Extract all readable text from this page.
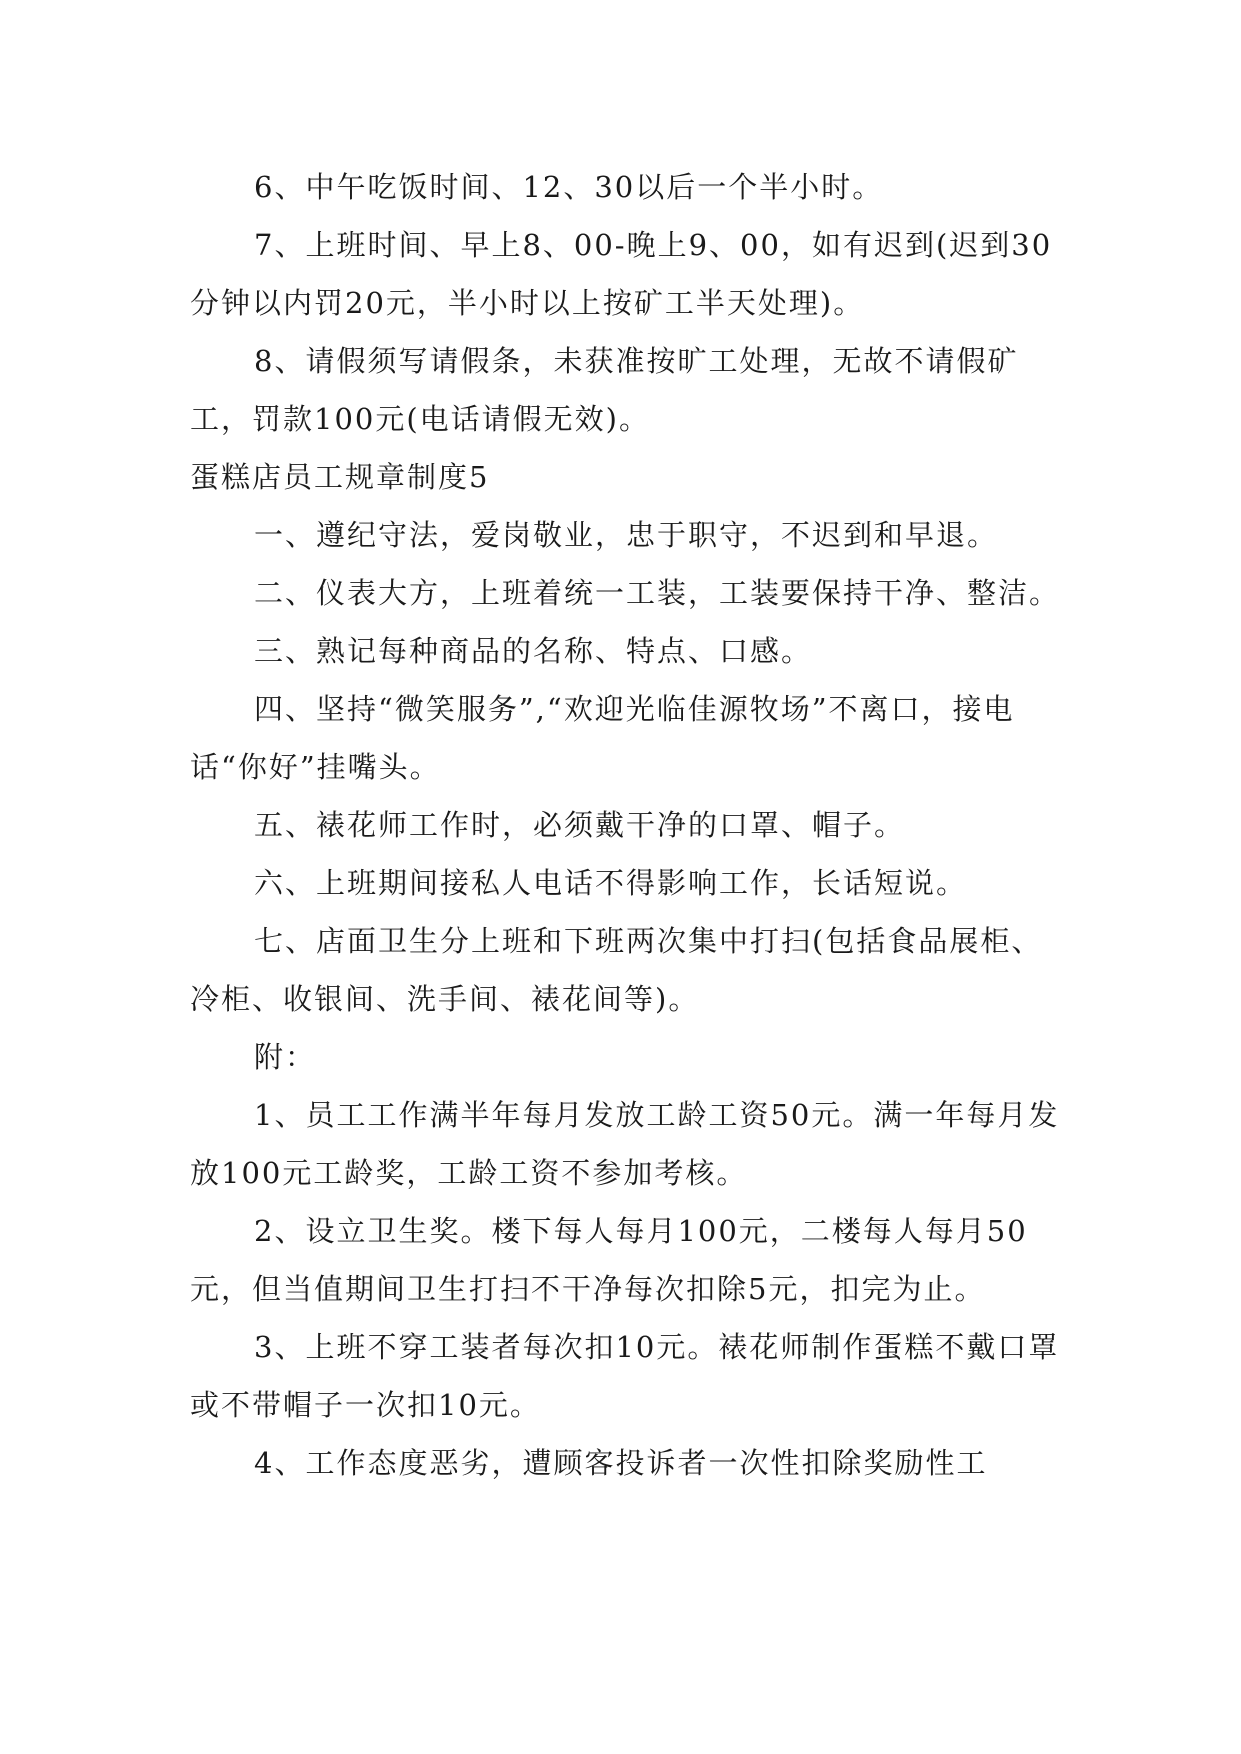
6、中午吃饭时间、12、30以后一个半小时。

7、上班时间、早上8、00-晚上9、00，如有迟到(迟到30分钟以内罚20元，半小时以上按矿工半天处理)。

8、请假须写请假条，未获准按旷工处理，无故不请假矿工，罚款100元(电话请假无效)。

蛋糕店员工规章制度5

一、遵纪守法，爱岗敬业，忠于职守，不迟到和早退。

二、仪表大方，上班着统一工装，工装要保持干净、整洁。

三、熟记每种商品的名称、特点、口感。

四、坚持“微笑服务”,“欢迎光临佳源牧场”不离口，接电话“你好”挂嘴头。

五、裱花师工作时，必须戴干净的口罩、帽子。

六、上班期间接私人电话不得影响工作，长话短说。

七、店面卫生分上班和下班两次集中打扫(包括食品展柜、冷柜、收银间、洗手间、裱花间等)。

附：

1、员工工作满半年每月发放工龄工资50元。满一年每月发放100元工龄奖，工龄工资不参加考核。

2、设立卫生奖。楼下每人每月100元，二楼每人每月50元，但当值期间卫生打扫不干净每次扣除5元，扣完为止。

3、上班不穿工装者每次扣10元。裱花师制作蛋糕不戴口罩或不带帽子一次扣10元。

4、工作态度恶劣，遭顾客投诉者一次性扣除奖励性工
